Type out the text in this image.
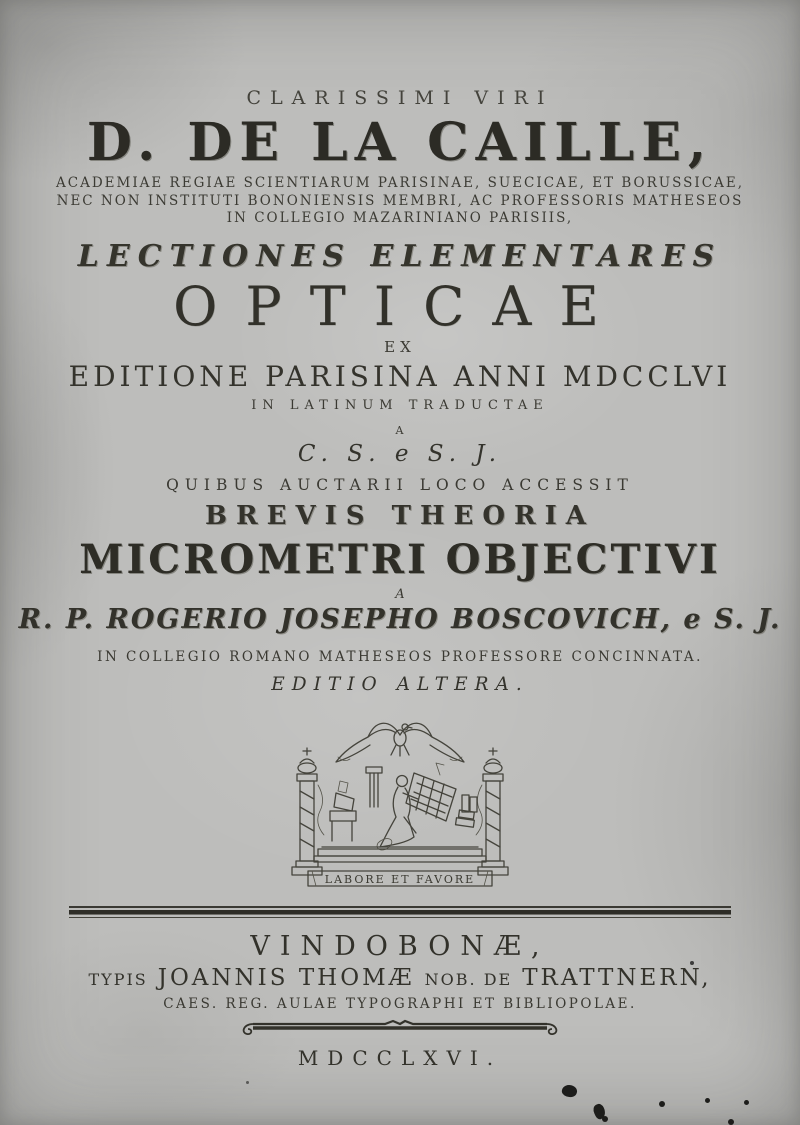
CLARISSIMI VIRI
D. DE LA CAILLE,
ACADEMIAE REGIAE SCIENTIARUM PARISINAE, SUECICAE, ET BORUSSICAE,
NEC NON INSTITUTI BONONIENSIS MEMBRI, AC PROFESSORIS MATHESEOS
IN COLLEGIO MAZARINIANO PARISIIS,
LECTIONES ELEMENTARES
OPTICAE
EX
EDITIONE PARISINA ANNI MDCCLVI
IN LATINUM TRADUCTAE
A
C. S. e S. J.
QUIBUS AUCTARII LOCO ACCESSIT
BREVIS THEORIA
MICROMETRI OBJECTIVI
A
R. P. ROGERIO JOSEPHO BOSCOVICH, e S. J.
IN COLLEGIO ROMANO MATHESEOS PROFESSORE CONCINNATA.
EDITIO ALTERA.
LABORE ET FAVORE
VINDOBONÆ,
TYPIS JOANNIS THOMÆ NOB. DE TRATTNERN,
CAES. REG. AULAE TYPOGRAPHI ET BIBLIOPOLAE.
MDCCLXVI.
